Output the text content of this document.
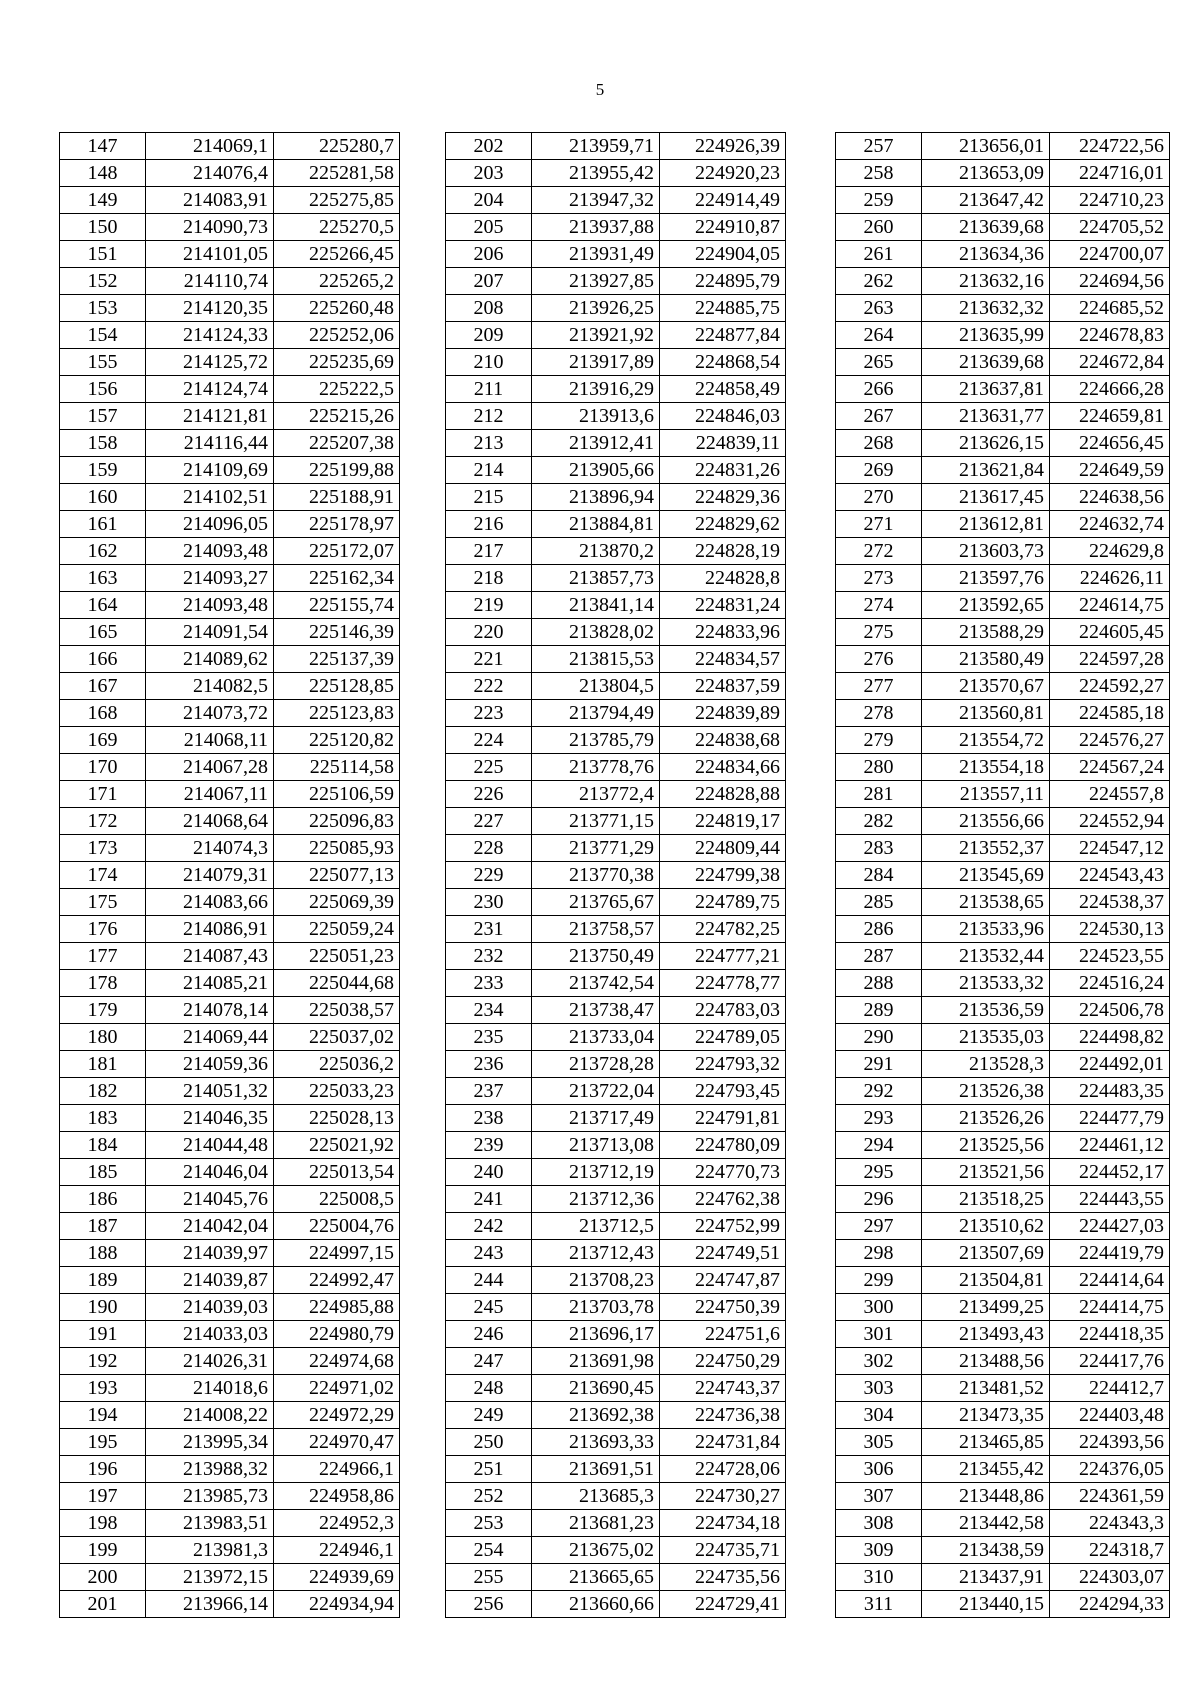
5
147	214069,1	225280,7
148	214076,4	225281,58
149	214083,91	225275,85
150	214090,73	225270,5
151	214101,05	225266,45
152	214110,74	225265,2
153	214120,35	225260,48
154	214124,33	225252,06
155	214125,72	225235,69
156	214124,74	225222,5
157	214121,81	225215,26
158	214116,44	225207,38
159	214109,69	225199,88
160	214102,51	225188,91
161	214096,05	225178,97
162	214093,48	225172,07
163	214093,27	225162,34
164	214093,48	225155,74
165	214091,54	225146,39
166	214089,62	225137,39
167	214082,5	225128,85
168	214073,72	225123,83
169	214068,11	225120,82
170	214067,28	225114,58
171	214067,11	225106,59
172	214068,64	225096,83
173	214074,3	225085,93
174	214079,31	225077,13
175	214083,66	225069,39
176	214086,91	225059,24
177	214087,43	225051,23
178	214085,21	225044,68
179	214078,14	225038,57
180	214069,44	225037,02
181	214059,36	225036,2
182	214051,32	225033,23
183	214046,35	225028,13
184	214044,48	225021,92
185	214046,04	225013,54
186	214045,76	225008,5
187	214042,04	225004,76
188	214039,97	224997,15
189	214039,87	224992,47
190	214039,03	224985,88
191	214033,03	224980,79
192	214026,31	224974,68
193	214018,6	224971,02
194	214008,22	224972,29
195	213995,34	224970,47
196	213988,32	224966,1
197	213985,73	224958,86
198	213983,51	224952,3
199	213981,3	224946,1
200	213972,15	224939,69
201	213966,14	224934,94
202	213959,71	224926,39
203	213955,42	224920,23
204	213947,32	224914,49
205	213937,88	224910,87
206	213931,49	224904,05
207	213927,85	224895,79
208	213926,25	224885,75
209	213921,92	224877,84
210	213917,89	224868,54
211	213916,29	224858,49
212	213913,6	224846,03
213	213912,41	224839,11
214	213905,66	224831,26
215	213896,94	224829,36
216	213884,81	224829,62
217	213870,2	224828,19
218	213857,73	224828,8
219	213841,14	224831,24
220	213828,02	224833,96
221	213815,53	224834,57
222	213804,5	224837,59
223	213794,49	224839,89
224	213785,79	224838,68
225	213778,76	224834,66
226	213772,4	224828,88
227	213771,15	224819,17
228	213771,29	224809,44
229	213770,38	224799,38
230	213765,67	224789,75
231	213758,57	224782,25
232	213750,49	224777,21
233	213742,54	224778,77
234	213738,47	224783,03
235	213733,04	224789,05
236	213728,28	224793,32
237	213722,04	224793,45
238	213717,49	224791,81
239	213713,08	224780,09
240	213712,19	224770,73
241	213712,36	224762,38
242	213712,5	224752,99
243	213712,43	224749,51
244	213708,23	224747,87
245	213703,78	224750,39
246	213696,17	224751,6
247	213691,98	224750,29
248	213690,45	224743,37
249	213692,38	224736,38
250	213693,33	224731,84
251	213691,51	224728,06
252	213685,3	224730,27
253	213681,23	224734,18
254	213675,02	224735,71
255	213665,65	224735,56
256	213660,66	224729,41
257	213656,01	224722,56
258	213653,09	224716,01
259	213647,42	224710,23
260	213639,68	224705,52
261	213634,36	224700,07
262	213632,16	224694,56
263	213632,32	224685,52
264	213635,99	224678,83
265	213639,68	224672,84
266	213637,81	224666,28
267	213631,77	224659,81
268	213626,15	224656,45
269	213621,84	224649,59
270	213617,45	224638,56
271	213612,81	224632,74
272	213603,73	224629,8
273	213597,76	224626,11
274	213592,65	224614,75
275	213588,29	224605,45
276	213580,49	224597,28
277	213570,67	224592,27
278	213560,81	224585,18
279	213554,72	224576,27
280	213554,18	224567,24
281	213557,11	224557,8
282	213556,66	224552,94
283	213552,37	224547,12
284	213545,69	224543,43
285	213538,65	224538,37
286	213533,96	224530,13
287	213532,44	224523,55
288	213533,32	224516,24
289	213536,59	224506,78
290	213535,03	224498,82
291	213528,3	224492,01
292	213526,38	224483,35
293	213526,26	224477,79
294	213525,56	224461,12
295	213521,56	224452,17
296	213518,25	224443,55
297	213510,62	224427,03
298	213507,69	224419,79
299	213504,81	224414,64
300	213499,25	224414,75
301	213493,43	224418,35
302	213488,56	224417,76
303	213481,52	224412,7
304	213473,35	224403,48
305	213465,85	224393,56
306	213455,42	224376,05
307	213448,86	224361,59
308	213442,58	224343,3
309	213438,59	224318,7
310	213437,91	224303,07
311	213440,15	224294,33
